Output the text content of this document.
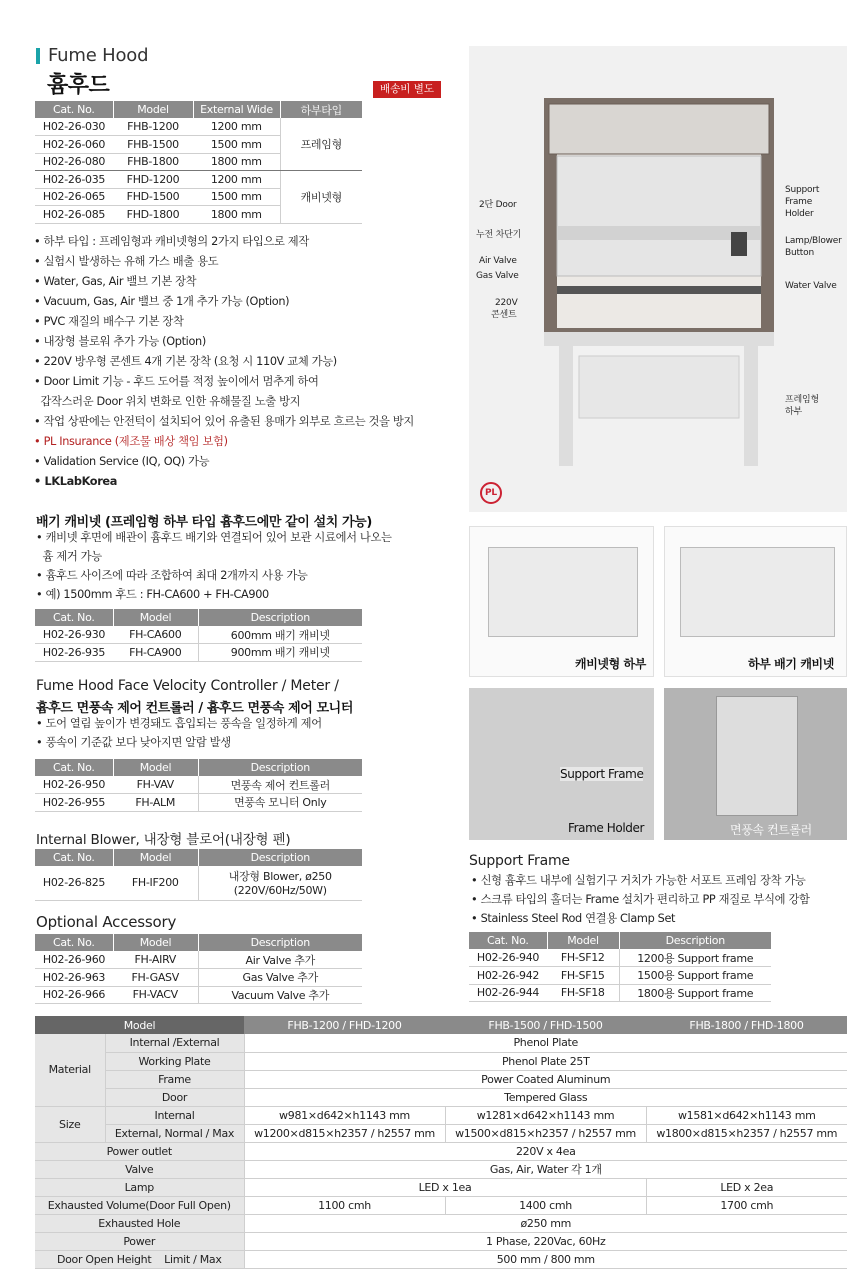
Fume Hood
흄후드	배송비 별도
Cat. No.	Model	External Wide	하부타입
H02-26-030	FHB-1200	1200 mm	프레임형
H02-26-060	FHB-1500	1500 mm	
H02-26-080	FHB-1800	1800 mm	
H02-26-035	FHD-1200	1200 mm	캐비넷형
H02-26-065	FHD-1500	1500 mm	
H02-26-085	FHD-1800	1800 mm	
• 하부 타입 : 프레임형과 캐비넷형의 2가지 타입으로 제작
• 실험시 발생하는 유해 가스 배출 용도
• Water, Gas, Air 밸브 기본 장착
• Vacuum, Gas, Air 밸브 중 1개 추가 가능 (Option)
• PVC 재질의 배수구 기본 장착
• 내장형 블로워 추가 가능 (Option)
• 220V 방우형 콘센트 4개 기본 장착 (요청 시 110V 교체 가능)
• Door Limit 기능 - 후드 도어를 적정 높이에서 멈추게 하여
갑작스러운 Door 위치 변화로 인한 유해물질 노출 방지
• 작업 상판에는 안전턱이 설치되어 있어 유출된 용매가 외부로 흐르는 것을 방지
• PL Insurance (제조물 배상 책임 보험)
• Validation Service (IQ, OQ) 가능
• LKLabKorea
배기 캐비넷 (프레임형 하부 타입 흄후드에만 같이 설치 가능)
• 캐비넷 후면에 배관이 흄후드 배기와 연결되어 있어 보관 시료에서 나오는
흄 제거 가능
• 흄후드 사이즈에 따라 조합하여 최대 2개까지 사용 가능
• 예) 1500mm 후드 : FH-CA600 + FH-CA900
Cat. No.	Model	Description
H02-26-930	FH-CA600	600mm 배기 캐비넷
H02-26-935	FH-CA900	900mm 배기 캐비넷
Fume Hood Face Velocity Controller / Meter /
흄후드 면풍속 제어 컨트롤러 / 흄후드 면풍속 제어 모니터
• 도어 열림 높이가 변경돼도 흡입되는 풍속을 일정하게 제어
• 풍속이 기준값 보다 낮아지면 알람 발생
Cat. No.	Model	Description
H02-26-950	FH-VAV	면풍속 제어 컨트롤러
H02-26-955	FH-ALM	면풍속 모니터 Only
Internal Blower, 내장형 블로어(내장형 펜)
Cat. No.	Model	Description
H02-26-825	FH-IF200	내장형 Blower, ø250
(220V/60Hz/50W)
Optional Accessory
Cat. No.	Model	Description
H02-26-960	FH-AIRV	Air Valve 추가
H02-26-963	FH-GASV	Gas Valve 추가
H02-26-966	FH-VACV	Vacuum Valve 추가
2단 Door
누전 차단기
Air Valve
Gas Valve
220V
콘센트
Support
Frame
Holder
Lamp/Blower
Button
Water Valve
프레임형
하부
PL
캐비넷형 하부	하부 배기 캐비넷
Support Frame
Frame Holder	면풍속 컨트롤러
Support Frame
• 신형 흄후드 내부에 실험기구 거치가 가능한 서포트 프레임 장착 가능
• 스크류 타입의 홀더는 Frame 설치가 편리하고 PP 재질로 부식에 강함
• Stainless Steel Rod 연결용 Clamp Set
Cat. No.	Model	Description
H02-26-940	FH-SF12	1200용 Support frame
H02-26-942	FH-SF15	1500용 Support frame
H02-26-944	FH-SF18	1800용 Support frame
Model		FHB-1200 / FHD-1200	FHB-1500 / FHD-1500	FHB-1800 / FHD-1800
Material	Internal /External	Phenol Plate		
	Working Plate	Phenol Plate 25T		
	Frame	Power Coated Aluminum		
	Door	Tempered Glass		
Size	Internal	w981×d642×h1143 mm	w1281×d642×h1143 mm	w1581×d642×h1143 mm
	External, Normal / Max	w1200×d815×h2357 / h2557 mm	w1500×d815×h2357 / h2557 mm	w1800×d815×h2357 / h2557 mm
Power outlet		220V x 4ea		
Valve		Gas, Air, Water 각 1개		
Lamp		LED x 1ea		LED x 2ea
Exhausted Volume(Door Full Open)		1100 cmh	1400 cmh	1700 cmh
Exhausted Hole		ø250 mm		
Power		1 Phase, 220Vac, 60Hz		
Door Open Height Limit / Max		500 mm / 800 mm		
